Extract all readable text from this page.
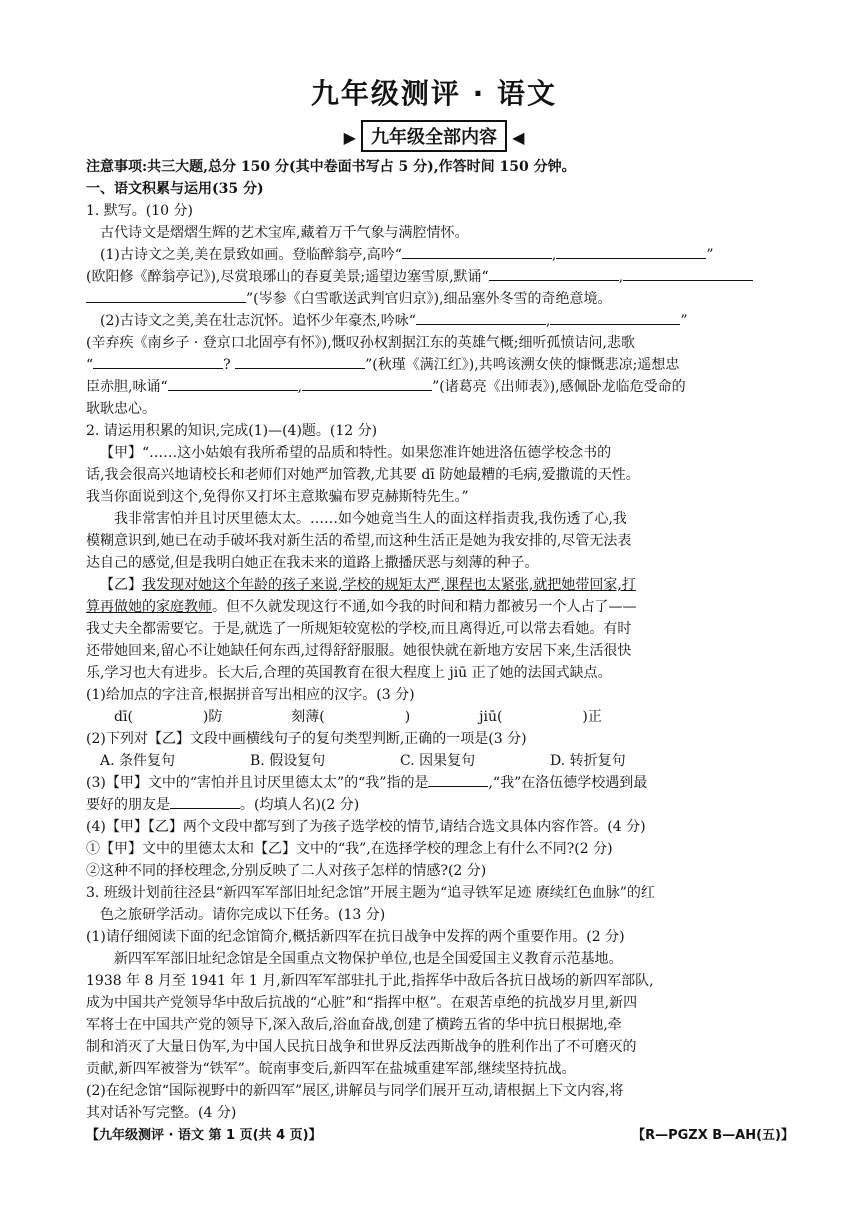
九年级测评 · 语文
▶ 九年级全部内容 ◀
注意事项:共三大题,总分 150 分(其中卷面书写占 5 分),作答时间 150 分钟。
一、语文积累与运用(35 分)
1. 默写。(10 分)
古代诗文是熠熠生辉的艺术宝库,藏着万千气象与满腔情怀。
(1)古诗文之美,美在景致如画。登临醉翁亭,高吟“	,	”
(欧阳修《醉翁亭记》),尽赏琅琊山的春夏美景;遥望边塞雪原,默诵“	,
”(岑参《白雪歌送武判官归京》),细品塞外冬雪的奇绝意境。
(2)古诗文之美,美在壮志沉怀。追怀少年豪杰,吟咏“	,	”
(辛弃疾《南乡子 · 登京口北固亭有怀》),慨叹孙权割据江东的英雄气概;细听孤愤诘问,悲歌
“	?	”(秋瑾《满江红》),共鸣该溯女侠的慷慨悲凉;遥想忠
臣赤胆,咏诵“	,	”(诸葛亮《出师表》),感佩卧龙临危受命的
耿耿忠心。
2. 请运用积累的知识,完成(1)—(4)题。(12 分)
【甲】“……这小姑娘有我所希望的品质和特性。如果您准许她进洛伍德学校念书的
话,我会很高兴地请校长和老师们对她严加管教,尤其要 dī 防她最糟的毛病,爱撒谎的天性。
我当你面说到这个,免得你又打坏主意欺骗布罗克赫斯特先生。”
我非常害怕并且讨厌里德太太。……如今她竟当生人的面这样指责我,我伤透了心,我
模糊意识到,她已在动手破坏我对新生活的希望,而这种生活正是她为我安排的,尽管无法表
达自己的感觉,但是我明白她正在我未来的道路上撒播厌恶与刻薄的种子。
【乙】我发现对她这个年龄的孩子来说,学校的规矩太严,课程也太紧张,就把她带回家,打
算再做她的家庭教师。但不久就发现这行不通,如今我的时间和精力都被另一个人占了——
我丈夫全都需要它。于是,就选了一所规矩较宽松的学校,而且离得近,可以常去看她。有时
还带她回来,留心不让她缺任何东西,过得舒舒服服。她很快就在新地方安居下来,生活很快
乐,学习也大有进步。长大后,合理的英国教育在很大程度上 jiū 正了她的法国式缺点。
(1)给加点的字注音,根据拼音写出相应的汉字。(3 分)
dī(	)防	刻薄(	)	jiū(	)正
(2)下列对【乙】文段中画横线句子的复句类型判断,正确的一项是(3 分)
A. 条件复句	B. 假设复句	C. 因果复句	D. 转折复句
(3)【甲】文中的“害怕并且讨厌里德太太”的“我”指的是	,“我”在洛伍德学校遇到最
要好的朋友是	。(均填人名)(2 分)
(4)【甲】【乙】两个文段中都写到了为孩子选学校的情节,请结合选文具体内容作答。(4 分)
①【甲】文中的里德太太和【乙】文中的“我”,在选择学校的理念上有什么不同?(2 分)
②这种不同的择校理念,分别反映了二人对孩子怎样的情感?(2 分)
3. 班级计划前往泾县“新四军军部旧址纪念馆”开展主题为“追寻铁军足迹 赓续红色血脉”的红
色之旅研学活动。请你完成以下任务。(13 分)
(1)请仔细阅读下面的纪念馆简介,概括新四军在抗日战争中发挥的两个重要作用。(2 分)
新四军军部旧址纪念馆是全国重点文物保护单位,也是全国爱国主义教育示范基地。
1938 年 8 月至 1941 年 1 月,新四军军部驻扎于此,指挥华中敌后各抗日战场的新四军部队,
成为中国共产党领导华中敌后抗战的“心脏”和“指挥中枢”。在艰苦卓绝的抗战岁月里,新四
军将士在中国共产党的领导下,深入敌后,浴血奋战,创建了横跨五省的华中抗日根据地,牵
制和消灭了大量日伪军,为中国人民抗日战争和世界反法西斯战争的胜利作出了不可磨灭的
贡献,新四军被誉为“铁军”。皖南事变后,新四军在盐城重建军部,继续坚持抗战。
(2)在纪念馆“国际视野中的新四军”展区,讲解员与同学们展开互动,请根据上下文内容,将
其对话补写完整。(4 分)
【九年级测评 · 语文 第 1 页(共 4 页)】	【R—PGZX B—AH(五)】
